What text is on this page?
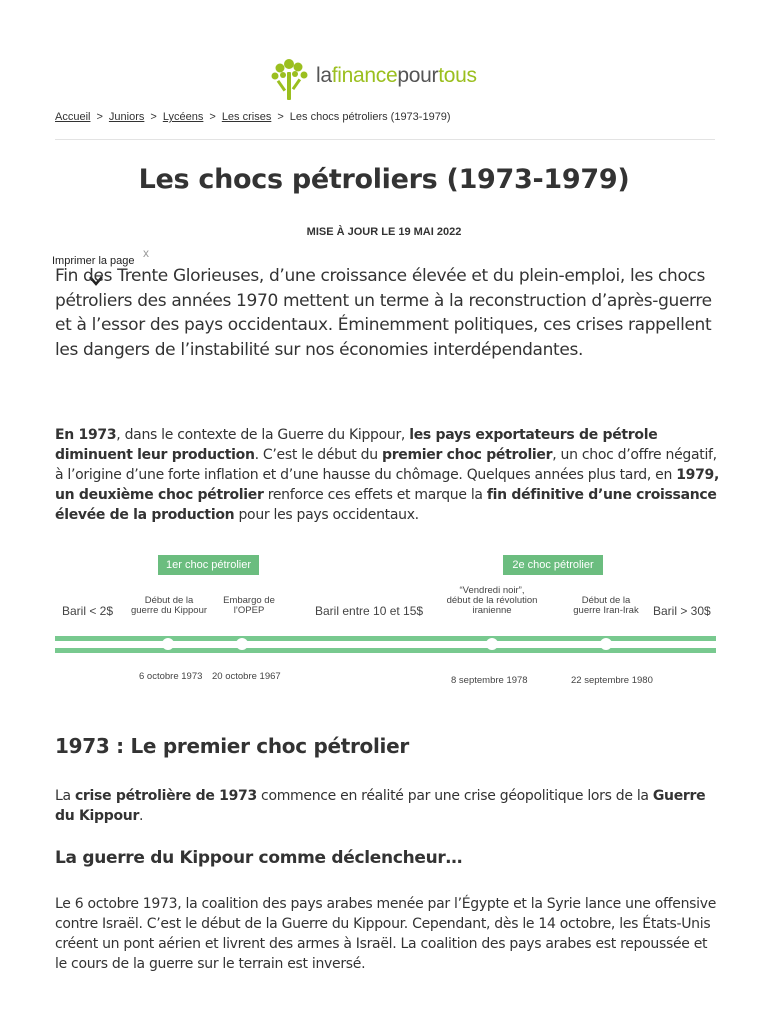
lafinancepourtous
Accueil > Juniors > Lycéens > Les crises > Les chocs pétroliers (1973-1979)
Les chocs pétroliers (1973-1979)
MISE À JOUR LE 19 MAI 2022
Imprimer la page
x

Fin des Trente Glorieuses, d’une croissance élevée et du plein-emploi, les chocs pétroliers des années 1970 mettent un terme à la reconstruction d’après-guerre et à l’essor des pays occidentaux. Éminemment politiques, ces crises rappellent les dangers de l’instabilité sur nos économies interdépendantes.

En 1973, dans le contexte de la Guerre du Kippour, les pays exportateurs de pétrole diminuent leur production. C’est le début du premier choc pétrolier, un choc d’offre négatif, à l’origine d’une forte inflation et d’une hausse du chômage. Quelques années plus tard, en 1979, un deuxième choc pétrolier renforce ces effets et marque la fin définitive d’une croissance élevée de la production pour les pays occidentaux.

1er choc pétrolier	2e choc pétrolier
Baril < 2$
Début de la
guerre du Kippour
Embargo de
l’OPEP	Baril entre 10 et 15$
“Vendredi noir”,
début de la révolution
iranienne
Début de la
guerre Iran-Irak	Baril > 30$
6 octobre 1973 20 octobre 1967	8 septembre 1978	22 septembre 1980
1973 : Le premier choc pétrolier

La crise pétrolière de 1973 commence en réalité par une crise géopolitique lors de la Guerre du Kippour.

La guerre du Kippour comme déclencheur…

Le 6 octobre 1973, la coalition des pays arabes menée par l’Égypte et la Syrie lance une offensive contre Israël. C’est le début de la Guerre du Kippour. Cependant, dès le 14 octobre, les États-Unis créent un pont aérien et livrent des armes à Israël. La coalition des pays arabes est repoussée et le cours de la guerre sur le terrain est inversé.
